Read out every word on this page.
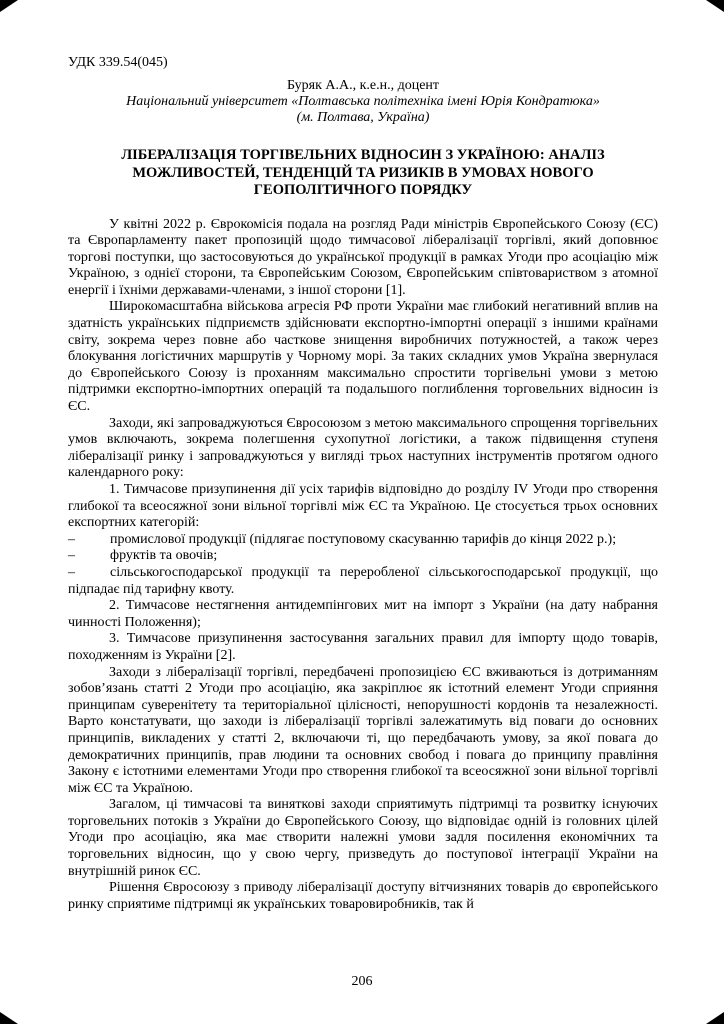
УДК 339.54(045)
Буряк А.А., к.е.н., доцент
Національний університет «Полтавська політехніка імені Юрія Кондратюка»
(м. Полтава, Україна)
ЛІБЕРАЛІЗАЦІЯ ТОРГІВЕЛЬНИХ ВІДНОСИН З УКРАЇНОЮ: АНАЛІЗ МОЖЛИВОСТЕЙ, ТЕНДЕНЦІЙ ТА РИЗИКІВ В УМОВАХ НОВОГО ГЕОПОЛІТИЧНОГО ПОРЯДКУ

У квітні 2022 р. Єврокомісія подала на розгляд Ради міністрів Європейського Союзу (ЄС) та Європарламенту пакет пропозицій щодо тимчасової лібералізації торгівлі, який доповнює торгові поступки, що застосовуються до української продукції в рамках Угоди про асоціацію між Україною, з однієї сторони, та Європейським Союзом, Європейським співтовариством з атомної енергії і їхніми державами-членами, з іншої сторони [1].

Широкомасштабна військова агресія РФ проти України має глибокий негативний вплив на здатність українських підприємств здійснювати експортно-імпортні операції з іншими країнами світу, зокрема через повне або часткове знищення виробничих потужностей, а також через блокування логістичних маршрутів у Чорному морі. За таких складних умов Україна звернулася до Європейського Союзу із проханням максимально спростити торгівельні умови з метою підтримки експортно-імпортних операцій та подальшого поглиблення торговельних відносин із ЄС.

Заходи, які запроваджуються Євросоюзом з метою максимального спрощення торгівельних умов включають, зокрема полегшення сухопутної логістики, а також підвищення ступеня лібералізації ринку і запроваджуються у вигляді трьох наступних інструментів протягом одного календарного року:

1. Тимчасове призупинення дії усіх тарифів відповідно до розділу IV Угоди про створення глибокої та всеосяжної зони вільної торгівлі між ЄС та Україною. Це стосується трьох основних експортних категорій:

–	промислової продукції (підлягає поступовому скасуванню тарифів до кінця 2022 р.);

–	фруктів та овочів;

–	сільськогосподарської продукції та переробленої сільськогосподарської продукції, що підпадає під тарифну квоту.

2. Тимчасове нестягнення антидемпінгових мит на імпорт з України (на дату набрання чинності Положення);

3. Тимчасове призупинення застосування загальних правил для імпорту щодо товарів, походженням із України [2].

Заходи з лібералізації торгівлі, передбачені пропозицією ЄС вживаються із дотриманням зобов’язань статті 2 Угоди про асоціацію, яка закріплює як істотний елемент Угоди сприяння принципам суверенітету та територіальної цілісності, непорушності кордонів та незалежності. Варто констатувати, що заходи із лібералізації торгівлі залежатимуть від поваги до основних принципів, викладених у статті 2, включаючи ті, що передбачають умову, за якої повага до демократичних принципів, прав людини та основних свобод і повага до принципу правління Закону є істотними елементами Угоди про створення глибокої та всеосяжної зони вільної торгівлі між ЄС та Україною.

Загалом, ці тимчасові та виняткові заходи сприятимуть підтримці та розвитку існуючих торговельних потоків з України до Європейського Союзу, що відповідає одній із головних цілей Угоди про асоціацію, яка має створити належні умови задля посилення економічних та торговельних відносин, що у свою чергу, призведуть до поступової інтеграції України на внутрішній ринок ЄС.

Рішення Євросоюзу з приводу лібералізації доступу вітчизняних товарів до європейського ринку сприятиме підтримці як українських товаровиробників, так й

206
